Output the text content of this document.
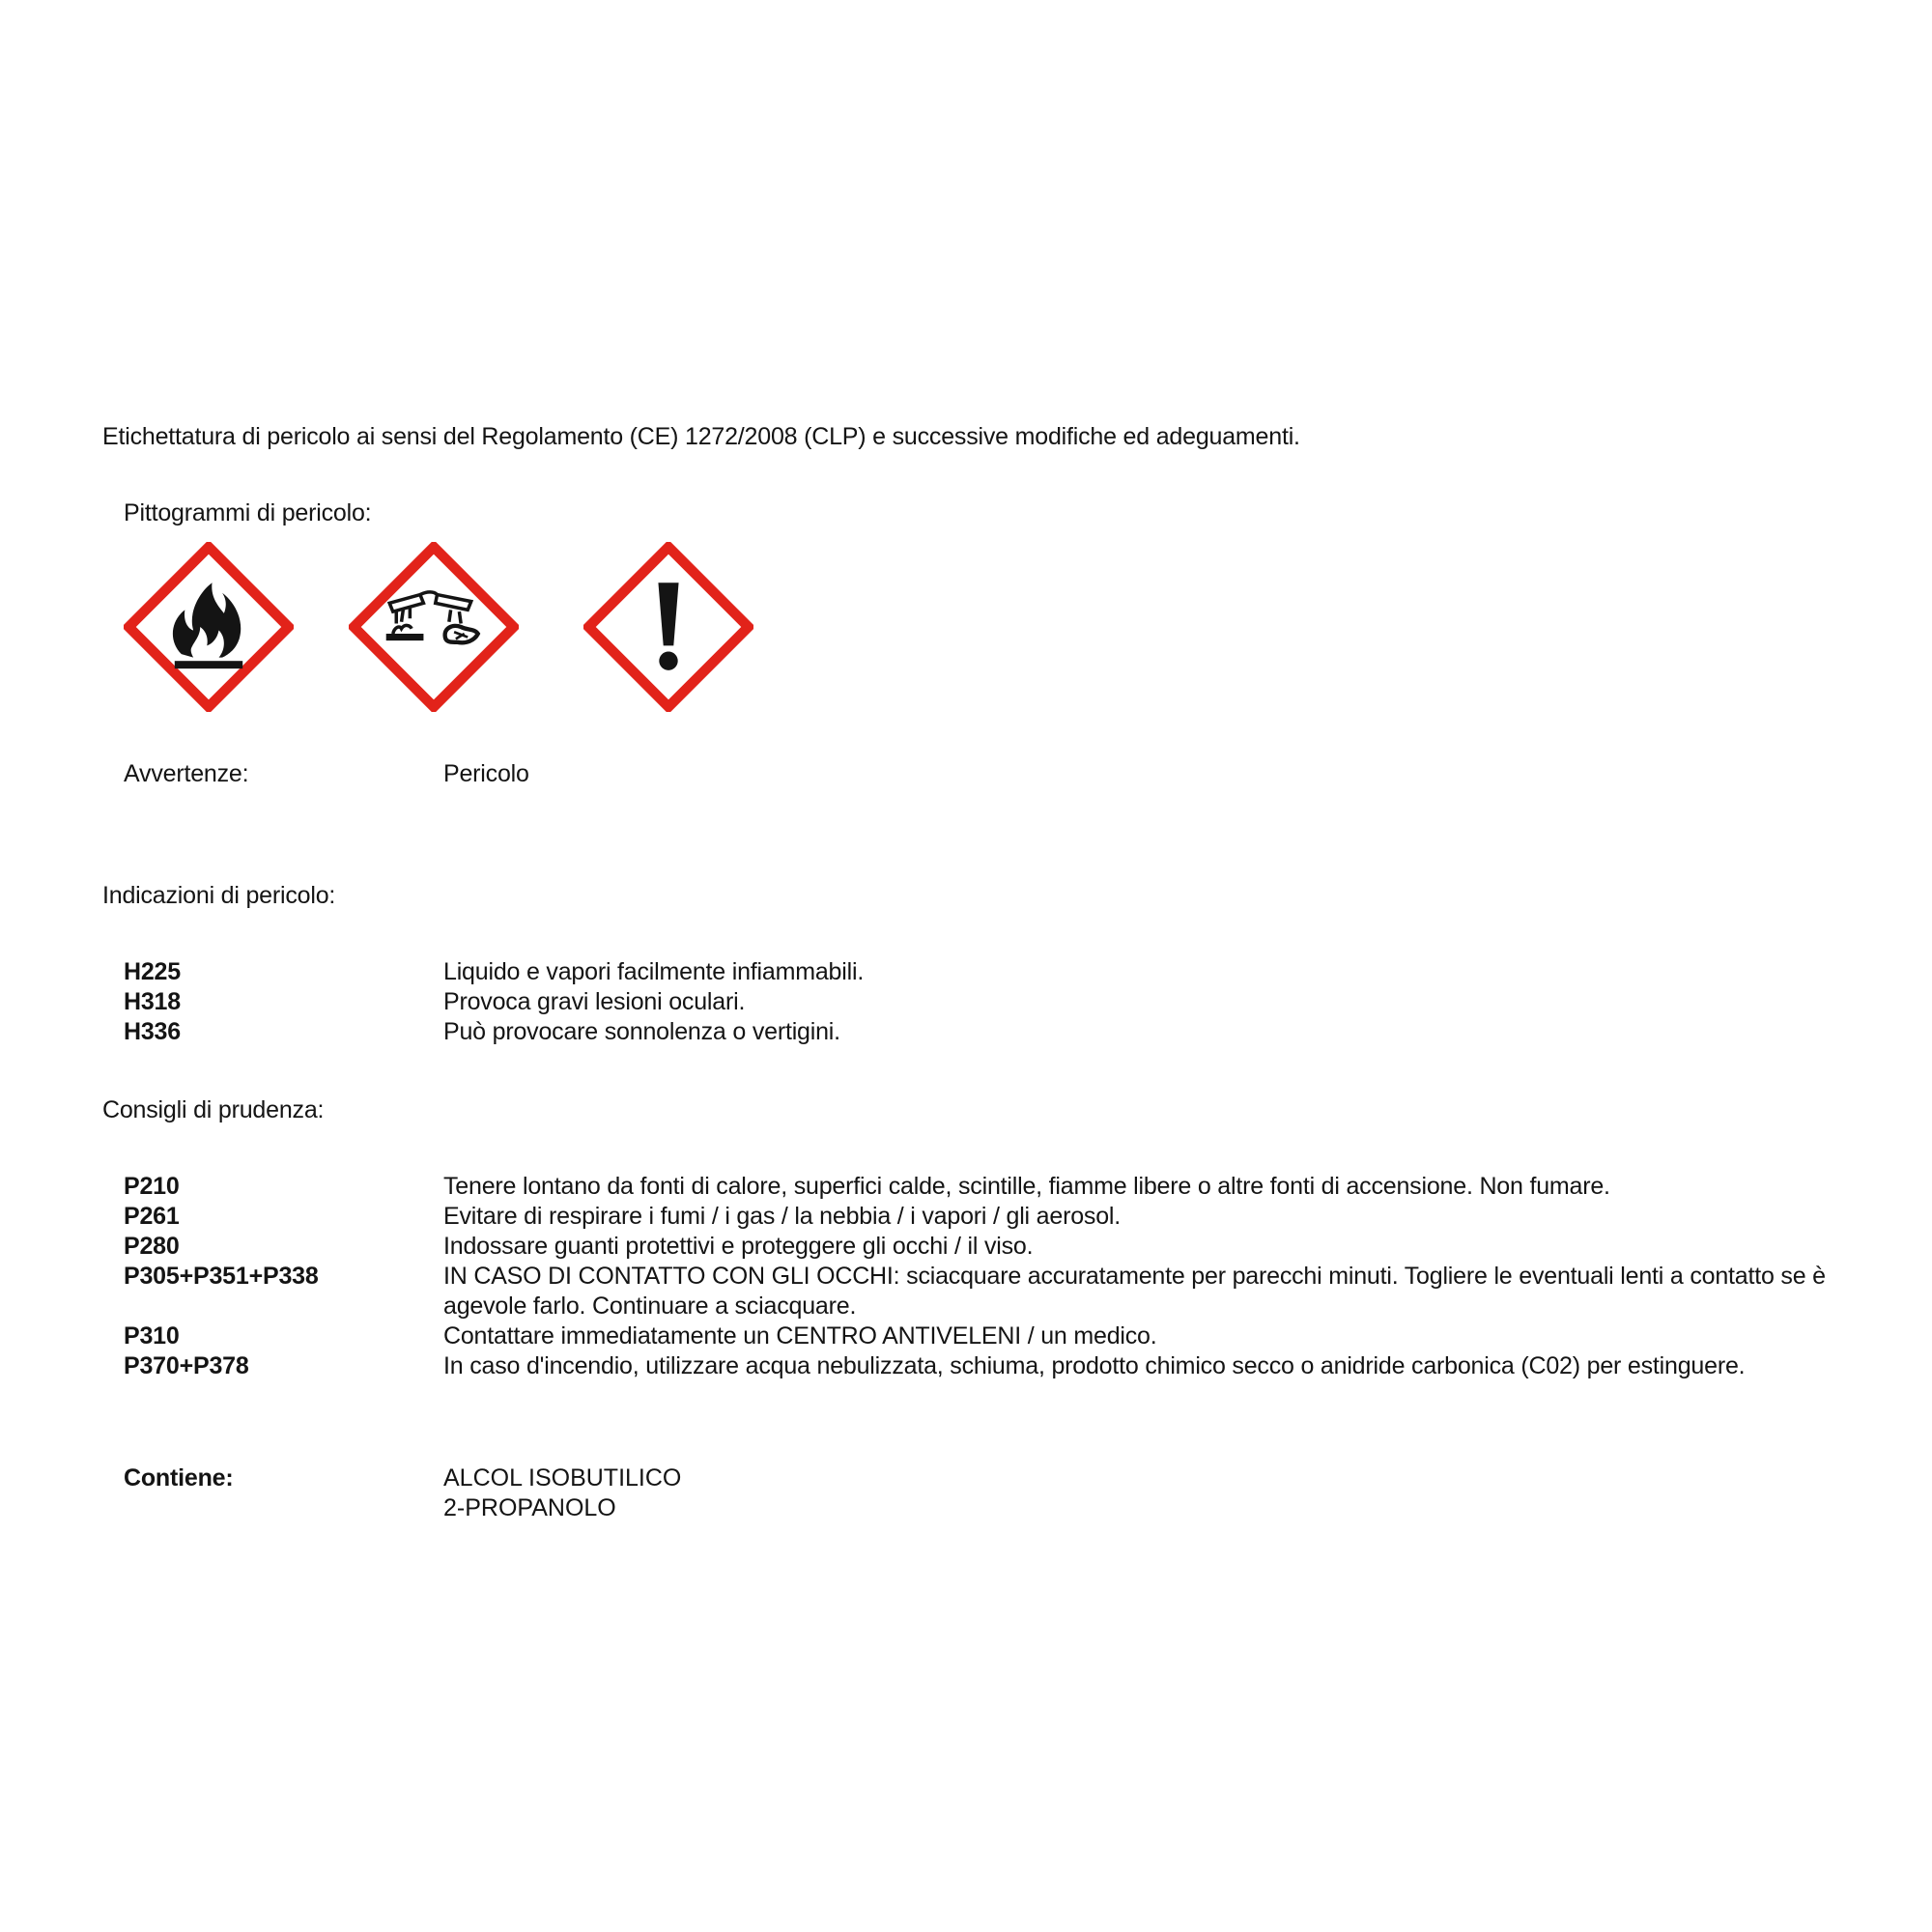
Etichettatura di pericolo ai sensi del Regolamento (CE) 1272/2008 (CLP) e successive modifiche ed adeguamenti.
Pittogrammi di pericolo:
Avvertenze:	Pericolo
Indicazioni di pericolo:
H225	Liquido e vapori facilmente infiammabili.
H318	Provoca gravi lesioni oculari.
H336	Può provocare sonnolenza o vertigini.
Consigli di prudenza:
P210	Tenere lontano da fonti di calore, superfici calde, scintille, fiamme libere o altre fonti di accensione. Non fumare.
P261	Evitare di respirare i fumi / i gas / la nebbia / i vapori / gli aerosol.
P280	Indossare guanti protettivi e proteggere gli occhi / il viso.
P305+P351+P338	IN CASO DI CONTATTO CON GLI OCCHI: sciacquare accuratamente per parecchi minuti. Togliere le eventuali lenti a contatto se è agevole farlo. Continuare a sciacquare.
P310	Contattare immediatamente un CENTRO ANTIVELENI / un medico.
P370+P378	In caso d'incendio, utilizzare acqua nebulizzata, schiuma, prodotto chimico secco o anidride carbonica (C02) per estinguere.
Contiene:	ALCOL ISOBUTILICO
2-PROPANOLO
